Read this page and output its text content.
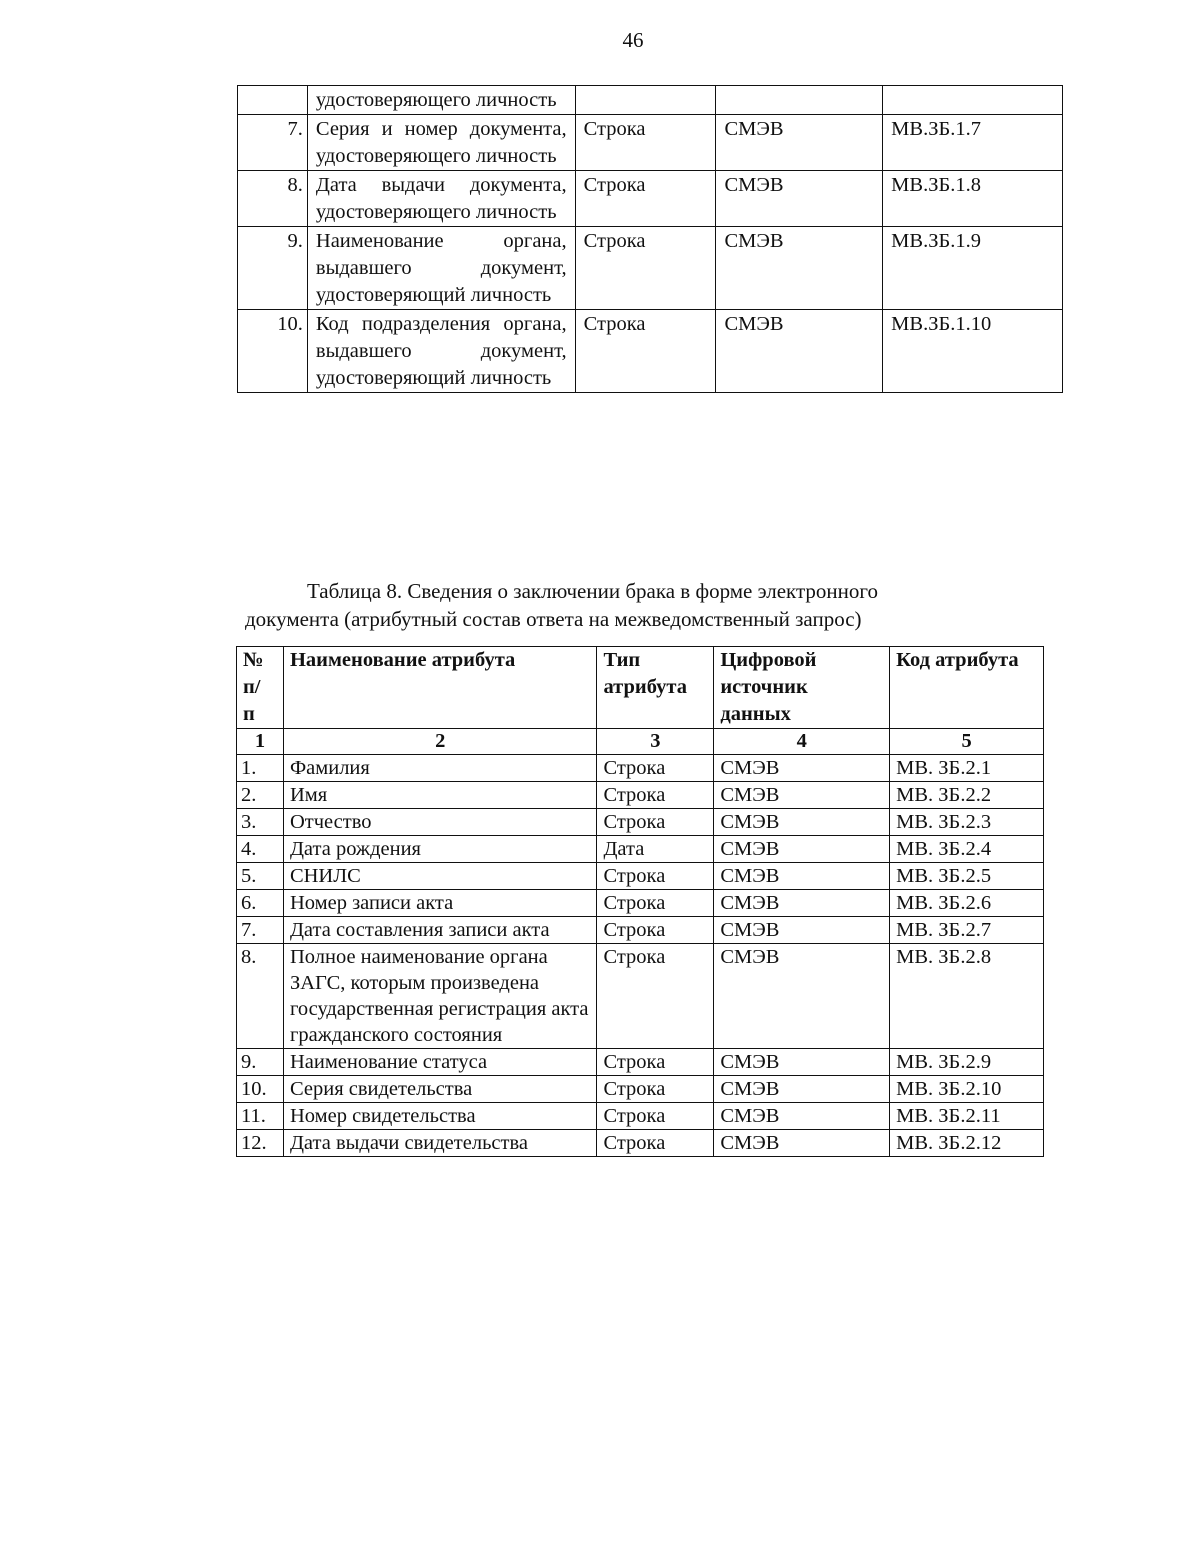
46
	удостоверяющего личность			
7.	Серия и номер документа, удостоверяющего личность	Строка	СМЭВ	МВ.ЗБ.1.7
8.	Дата выдачи документа, удостоверяющего личность	Строка	СМЭВ	МВ.ЗБ.1.8
9.	Наименование органа, выдавшего документ, удостоверяющий личность	Строка	СМЭВ	МВ.ЗБ.1.9
10.	Код подразделения органа, выдавшего документ, удостоверяющий личность	Строка	СМЭВ	МВ.ЗБ.1.10
Таблица 8. Сведения о заключении брака в форме электронного
документа (атрибутный состав ответа на межведомственный запрос)
№ п/ п	Наименование атрибута	Тип атрибута	Цифровой источник данных	Код атрибута
1	2	3	4	5
1.	Фамилия	Строка	СМЭВ	МВ. ЗБ.2.1
2.	Имя	Строка	СМЭВ	МВ. ЗБ.2.2
3.	Отчество	Строка	СМЭВ	МВ. ЗБ.2.3
4.	Дата рождения	Дата	СМЭВ	МВ. ЗБ.2.4
5.	СНИЛС	Строка	СМЭВ	МВ. ЗБ.2.5
6.	Номер записи акта	Строка	СМЭВ	МВ. ЗБ.2.6
7.	Дата составления записи акта	Строка	СМЭВ	МВ. ЗБ.2.7
8.	Полное наименование органа ЗАГС, которым произведена государственная регистрация акта гражданского состояния	Строка	СМЭВ	МВ. ЗБ.2.8
9.	Наименование статуса	Строка	СМЭВ	МВ. ЗБ.2.9
10.	Серия свидетельства	Строка	СМЭВ	МВ. ЗБ.2.10
11.	Номер свидетельства	Строка	СМЭВ	МВ. ЗБ.2.11
12.	Дата выдачи свидетельства	Строка	СМЭВ	МВ. ЗБ.2.12
